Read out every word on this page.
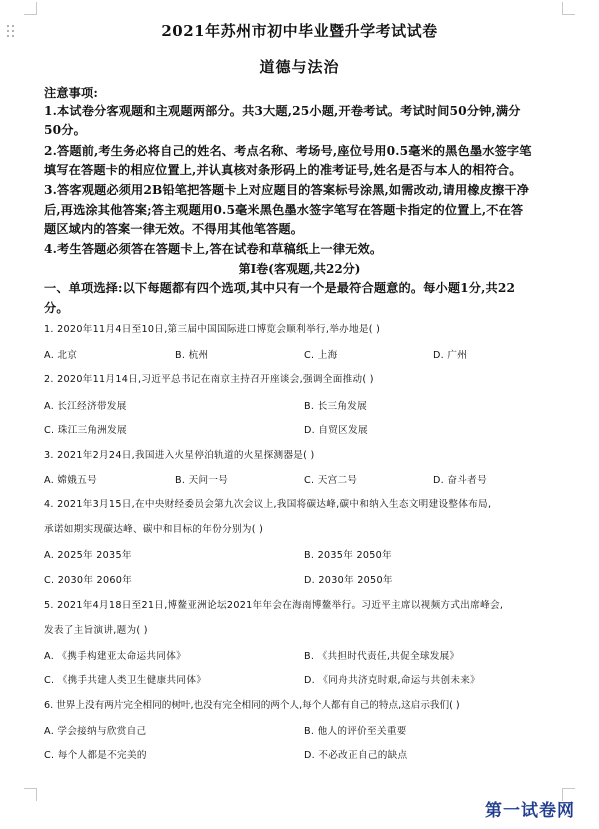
2021年苏州市初中毕业暨升学考试试卷
道德与法治
注意事项:
1.本试卷分客观题和主观题两部分。共3大题,25小题,开卷考试。考试时间50分钟,满分
50分。
2.答题前,考生务必将自己的姓名、考点名称、考场号,座位号用0.5毫米的黑色墨水签字笔
填写在答题卡的相应位置上,并认真核对条形码上的准考证号,姓名是否与本人的相符合。
3.答客观题必须用2B铅笔把答题卡上对应题目的答案标号涂黑,如需改动,请用橡皮擦干净
后,再选涂其他答案;答主观题用0.5毫米黑色墨水签字笔写在答题卡指定的位置上,不在答
题区域内的答案一律无效。不得用其他笔答题。
4.考生答题必须答在答题卡上,答在试卷和草稿纸上一律无效。
第I卷(客观题,共22分)
一、单项选择:以下每题都有四个选项,其中只有一个是最符合题意的。每小题1分,共22
分。
1. 2020年11月4日至10日,第三届中国国际进口博览会顺利举行,举办地是( )
A. 北京	B. 杭州	C. 上海	D. 广州
2. 2020年11月14日,习近平总书记在南京主持召开座谈会,强调全面推动( )
A. 长江经济带发展	B. 长三角发展
C. 珠江三角洲发展	D. 自贸区发展
3. 2021年2月24日,我国进入火星停泊轨道的火星探测器是( )
A. 嫦娥五号	B. 天问一号	C. 天宫二号	D. 奋斗者号
4. 2021年3月15日,在中央财经委员会第九次会议上,我国将碳达峰,碳中和纳入生态文明建设整体布局,
承诺如期实现碳达峰、碳中和目标的年份分别为( )
A. 2025年 2035年	B. 2035年 2050年
C. 2030年 2060年	D. 2030年 2050年
5. 2021年4月18日至21日,博鳌亚洲论坛2021年年会在海南博鳌举行。习近平主席以视频方式出席峰会,
发表了主旨演讲,题为( )
A. 《携手构建亚太命运共同体》	B. 《共担时代责任,共促全球发展》
C. 《携手共建人类卫生健康共同体》	D. 《同舟共济克时艰,命运与共创未来》
6. 世界上没有两片完全相同的树叶,也没有完全相同的两个人,每个人都有自己的特点,这启示我们( )
A. 学会接纳与欣赏自己	B. 他人的评价至关重要
C. 每个人都是不完美的	D. 不必改正自己的缺点
第一试卷网
